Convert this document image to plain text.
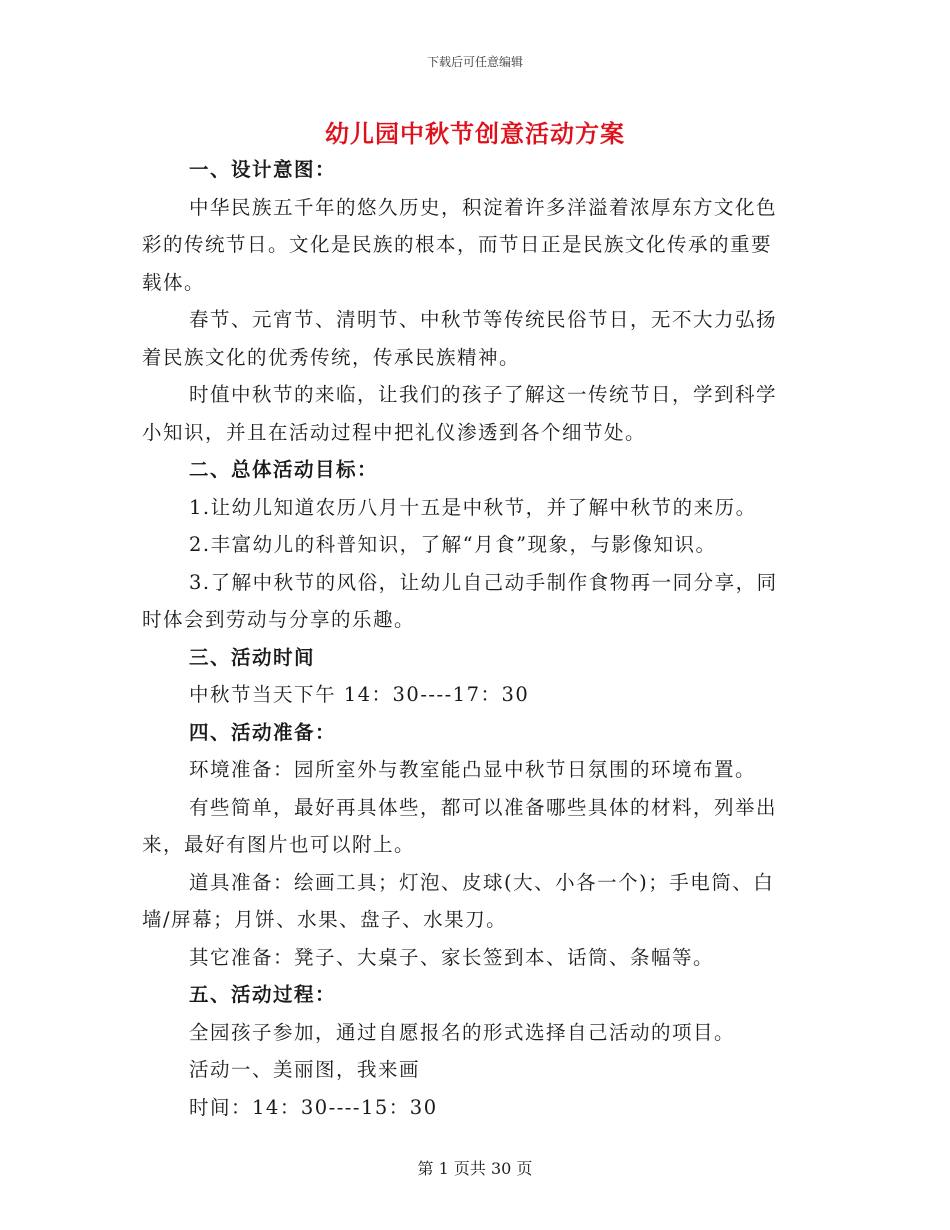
下载后可任意编辑
幼儿园中秋节创意活动方案
一、设计意图：
中华民族五千年的悠久历史，积淀着许多洋溢着浓厚东方文化色
彩的传统节日。文化是民族的根本，而节日正是民族文化传承的重要
载体。
春节、元宵节、清明节、中秋节等传统民俗节日，无不大力弘扬
着民族文化的优秀传统，传承民族精神。
时值中秋节的来临，让我们的孩子了解这一传统节日，学到科学
小知识，并且在活动过程中把礼仪渗透到各个细节处。
二、总体活动目标：
1.让幼儿知道农历八月十五是中秋节，并了解中秋节的来历。
2.丰富幼儿的科普知识，了解“月食”现象，与影像知识。
3.了解中秋节的风俗，让幼儿自己动手制作食物再一同分享，同
时体会到劳动与分享的乐趣。
三、活动时间
中秋节当天下午 14：30----17：30
四、活动准备：
环境准备：园所室外与教室能凸显中秋节日氛围的环境布置。
有些简单，最好再具体些，都可以准备哪些具体的材料，列举出
来，最好有图片也可以附上。
道具准备：绘画工具；灯泡、皮球(大、小各一个)；手电筒、白
墙/屏幕；月饼、水果、盘子、水果刀。
其它准备：凳子、大桌子、家长签到本、话筒、条幅等。
五、活动过程：
全园孩子参加，通过自愿报名的形式选择自己活动的项目。
活动一、美丽图，我来画
时间：14：30----15：30
第 1 页共 30 页
